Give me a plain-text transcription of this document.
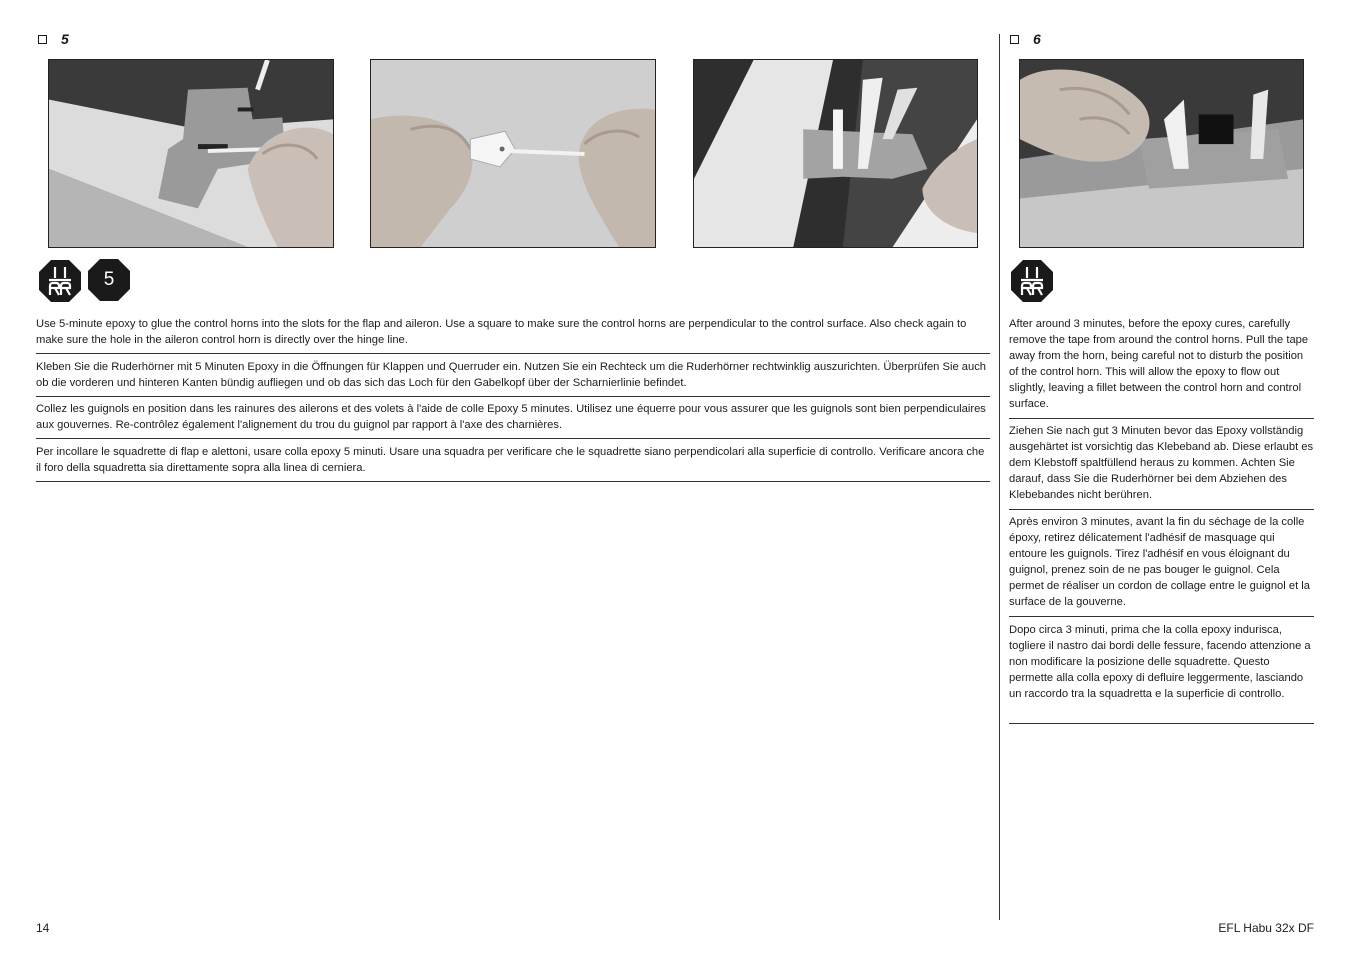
5	6
5
Use 5-minute epoxy to glue the control horns into the slots for the flap and aileron. Use a square to make sure the control horns are perpendicular to the control surface. Also check again to make sure the hole in the aileron control horn is directly over the hinge line.
Kleben Sie die Ruderhörner mit 5 Minuten Epoxy in die Öffnungen für Klappen und Querruder ein. Nutzen Sie ein Rechteck um die Ruderhörner rechtwinklig auszurichten. Überprüfen Sie auch ob die vorderen und hinteren Kanten bündig aufliegen und ob das sich das Loch für den Gabelkopf über der Scharnierlinie befindet.
Collez les guignols en position dans les rainures des ailerons et des volets à l'aide de colle Epoxy 5 minutes. Utilisez une équerre pour vous assurer que les guignols sont bien perpendiculaires aux gouvernes. Re-contrôlez également l'alignement du trou du guignol par rapport à l'axe des charnières.
Per incollare le squadrette di flap e alettoni, usare colla epoxy 5 minuti. Usare una squadra per verificare che le squadrette siano perpendicolari alla superficie di controllo. Verificare ancora che il foro della squadretta sia direttamente sopra alla linea di cerniera.
After around 3 minutes, before the epoxy cures, carefully remove the tape from around the control horns. Pull the tape away from the horn, being careful not to disturb the position of the control horn. This will allow the epoxy to flow out slightly, leaving a fillet between the control horn and control surface.
Ziehen Sie nach gut 3 Minuten bevor das Epoxy vollständig ausgehärtet ist vorsichtig das Klebeband ab. Diese erlaubt es dem Klebstoff spaltfüllend heraus zu kommen. Achten Sie darauf, dass Sie die Ruderhörner bei dem Abziehen des Klebebandes nicht berühren.
Après environ 3 minutes, avant la fin du séchage de la colle époxy, retirez délicatement l'adhésif de masquage qui entoure les guignols. Tirez l'adhésif en vous éloignant du guignol, prenez soin de ne pas bouger le guignol. Cela permet de réaliser un cordon de collage entre le guignol et la surface de la gouverne.
Dopo circa 3 minuti, prima che la colla epoxy indurisca, togliere il nastro dai bordi delle fessure, facendo attenzione a non modificare la posizione delle squadrette. Questo permette alla colla epoxy di defluire leggermente, lasciando un raccordo tra la squadretta e la superficie di controllo.
14	EFL Habu 32x DF
